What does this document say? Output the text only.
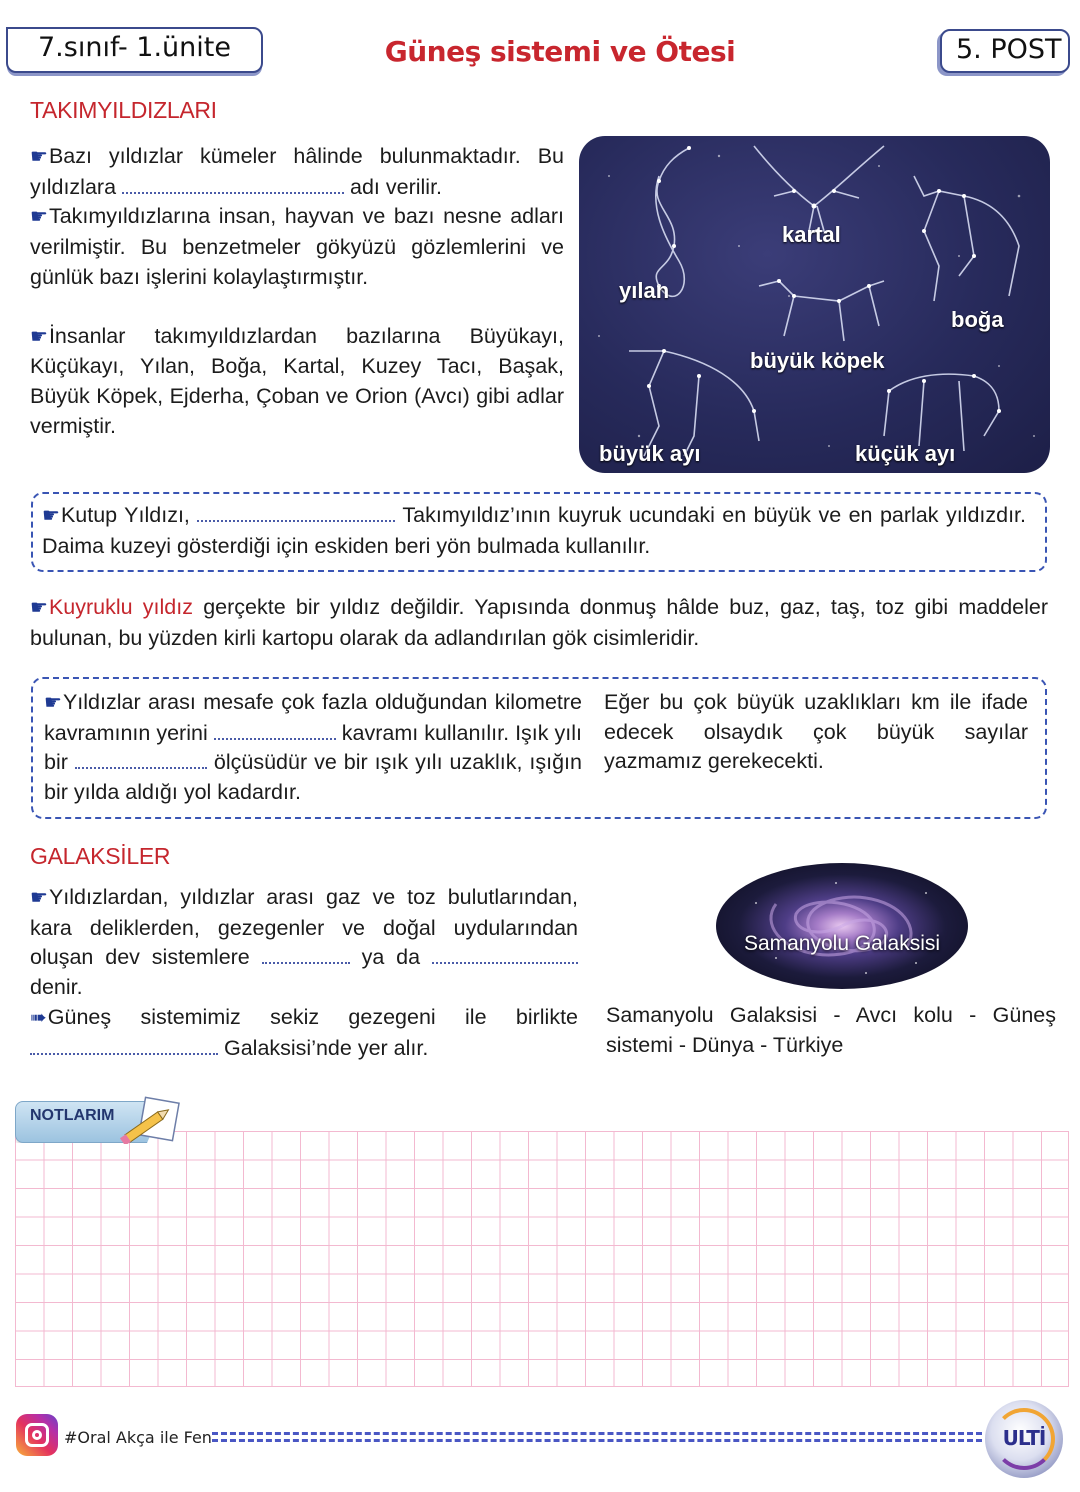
7.sınıf- 1.ünite	Güneş sistemi ve Ötesi	5. POST
TAKIMYILDIZLARI

☛Bazı yıldızlar kümeler hâlinde bulunmaktadır. Bu yıldızlara	adı verilir.

☛Takımyıldızlarına insan, hayvan ve bazı nesne adları verilmiştir. Bu benzetmeler gökyüzü gözlemlerini ve günlük bazı işlerini kolaylaştırmıştır.

☛İnsanlar takımyıldızlardan bazılarına Büyükayı, Küçükayı, Yılan, Boğa, Kartal, Kuzey Tacı, Başak, Büyük Köpek, Ejderha, Çoban ve Orion (Avcı) gibi adlar vermiştir.

kartal
yılan
boğa
büyük köpek
büyük ayı	küçük ayı

☛Kutup Yıldızı,	Takımyıldız’ının kuyruk ucundaki en büyük ve en parlak yıldızdır. Daima kuzeyi gösterdiği için eskiden beri yön bulmada kullanılır.

☛Kuyruklu yıldız gerçekte bir yıldız değildir. Yapısında donmuş hâlde buz, gaz, taş, toz gibi maddeler bulunan, bu yüzden kirli kartopu olarak da adlandırılan gök cisimleridir.

☛Yıldızlar arası mesafe çok fazla olduğundan kilometre kavramının yerini	kavramı kullanılır. Işık yılı bir	ölçüsüdür ve bir ışık yılı uzaklık, ışığın bir yılda aldığı yol kadardır.

Eğer bu çok büyük uzaklıkları km ile ifade edecek olsaydık çok büyük sayılar yazmamız gerekecekti.
GALAKSİLER

☛Yıldızlardan, yıldızlar arası gaz ve toz bulutlarından, kara deliklerden, gezegenler ve doğal uydularından oluşan dev sistemlere	ya da  denir.

➠Güneş sistemimiz sekiz gezegeni ile birlikte  Galaksisi’nde yer alır.

Samanyolu Galaksisi
Samanyolu Galaksisi - Avcı kolu - Güneş sistemi - Dünya - Türkiye
NOTLARIM
#Oral Akça ile Fen	ULTİ
